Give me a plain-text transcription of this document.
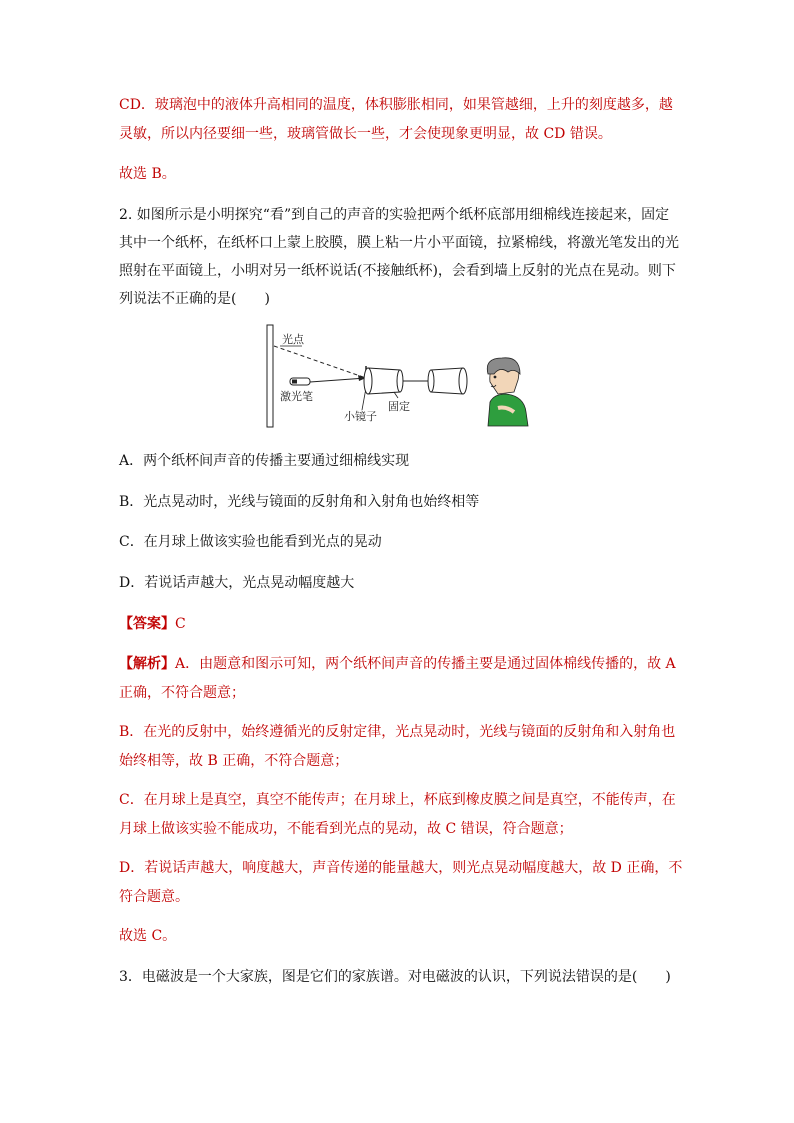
CD．玻璃泡中的液体升高相同的温度，体积膨胀相同，如果管越细，上升的刻度越多，越
灵敏，所以内径要细一些，玻璃管做长一些，才会使现象更明显，故 CD 错误。
故选 B。
2. 如图所示是小明探究“看”到自己的声音的实验把两个纸杯底部用细棉线连接起来，固定
其中一个纸杯，在纸杯口上蒙上胶膜，膜上粘一片小平面镜，拉紧棉线，将激光笔发出的光
照射在平面镜上，小明对另一纸杯说话(不接触纸杯)，会看到墙上反射的光点在晃动。则下
列说法不正确的是(　　)
光点
激光笔
小镜子
固定
A．两个纸杯间声音的传播主要通过细棉线实现
B．光点晃动时，光线与镜面的反射角和入射角也始终相等
C．在月球上做该实验也能看到光点的晃动
D．若说话声越大，光点晃动幅度越大
【答案】C
【解析】A．由题意和图示可知，两个纸杯间声音的传播主要是通过固体棉线传播的，故 A
正确，不符合题意；
B．在光的反射中，始终遵循光的反射定律，光点晃动时，光线与镜面的反射角和入射角也
始终相等，故 B 正确，不符合题意；
C．在月球上是真空，真空不能传声；在月球上，杯底到橡皮膜之间是真空，不能传声，在
月球上做该实验不能成功，不能看到光点的晃动，故 C 错误，符合题意；
D．若说话声越大，响度越大，声音传递的能量越大，则光点晃动幅度越大，故 D 正确，不
符合题意。
故选 C。
3．电磁波是一个大家族，图是它们的家族谱。对电磁波的认识，下列说法错误的是(　　)
